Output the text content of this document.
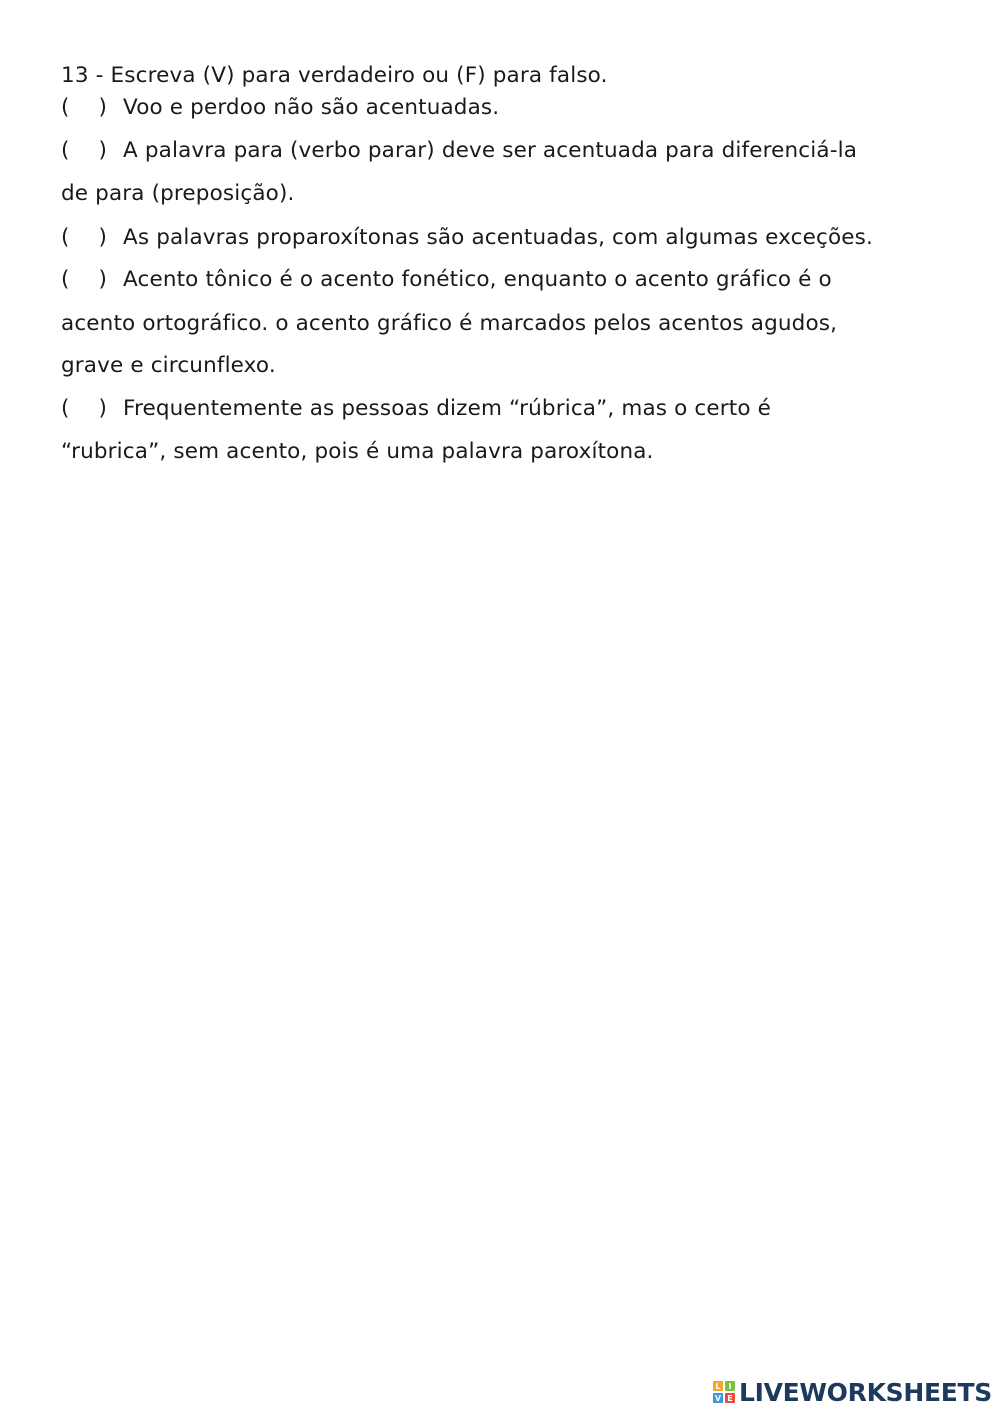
13 - Escreva (V) para verdadeiro ou (F) para falso.

( ) Voo e perdoo não são acentuadas.

( ) A palavra para (verbo parar) deve ser acentuada para diferenciá-la

de para (preposição).

( ) As palavras proparoxítonas são acentuadas, com algumas exceções.

( ) Acento tônico é o acento fonético, enquanto o acento gráfico é o

acento ortográfico. o acento gráfico é marcados pelos acentos agudos,

grave e circunflexo.

( ) Frequentemente as pessoas dizem “rúbrica”, mas o certo é

“rubrica”, sem acento, pois é uma palavra paroxítona.

L I
V E LIVEWORKSHEETS
